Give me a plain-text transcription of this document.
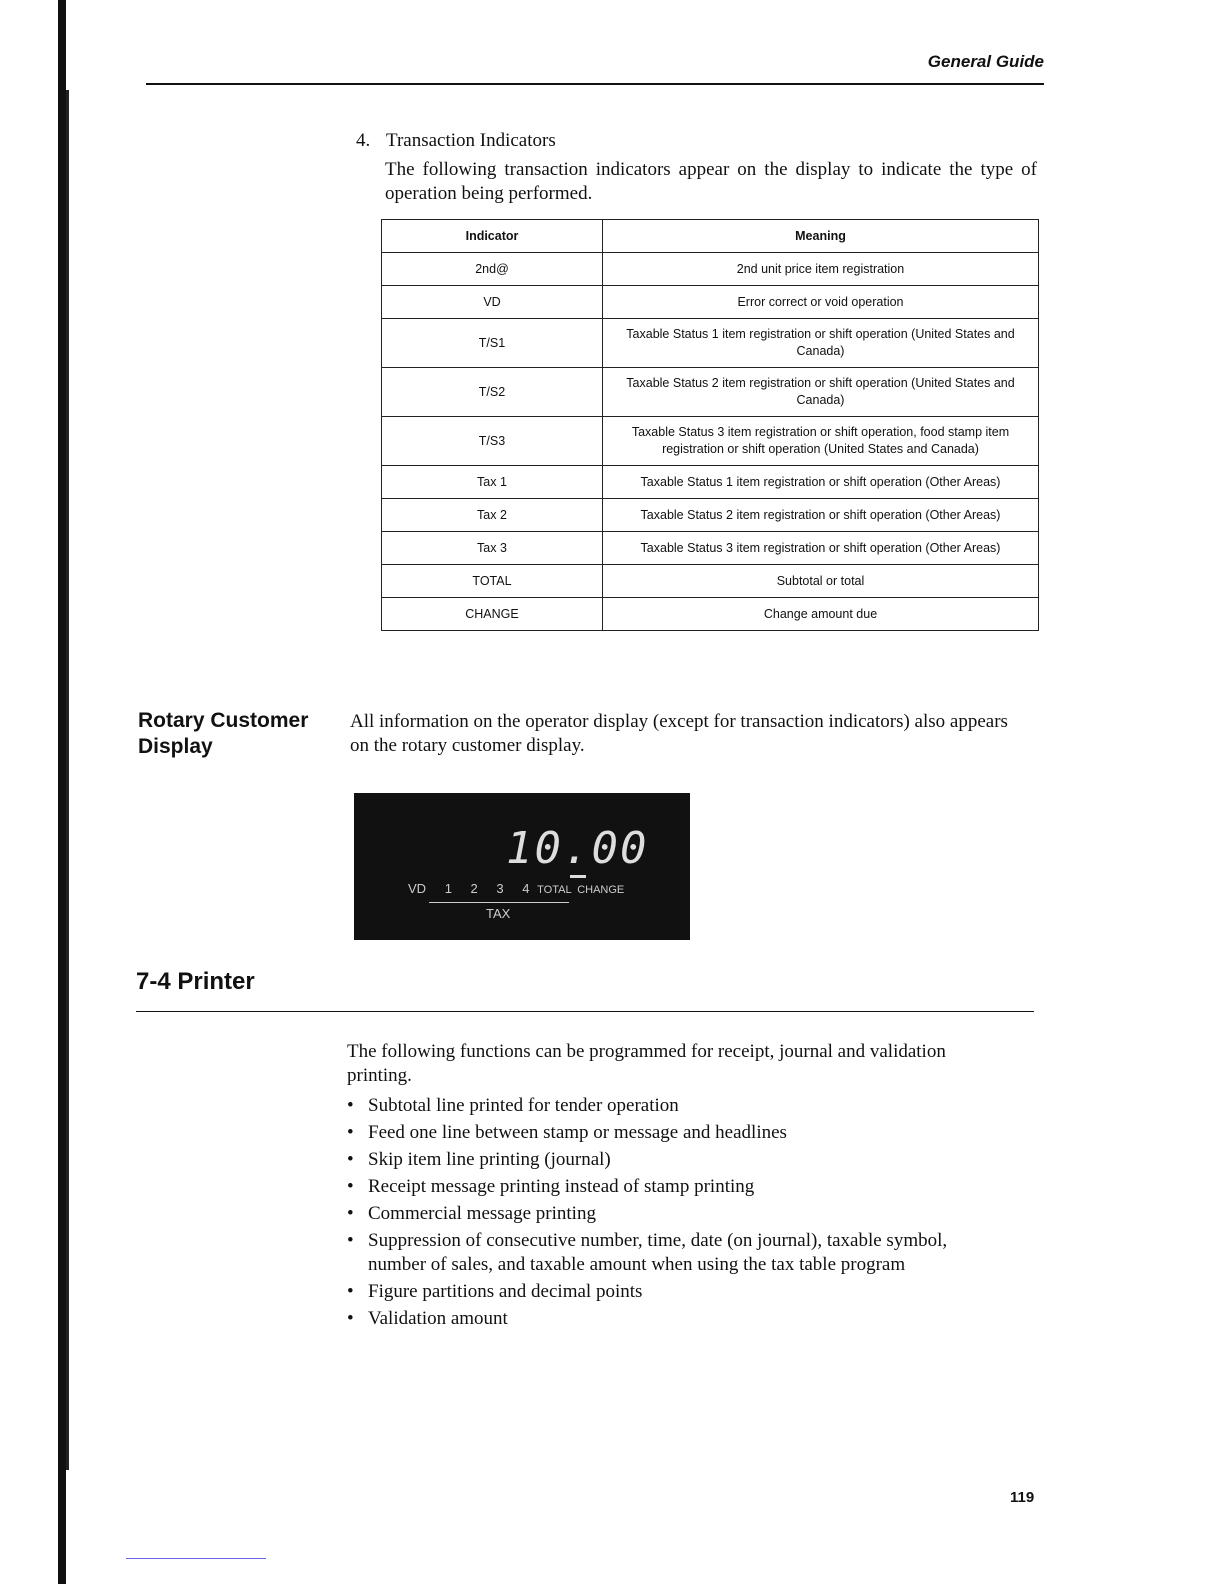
General Guide
4. Transaction Indicators
The following transaction indicators appear on the display to indicate the type of operation being performed.
Indicator	Meaning
2nd@	2nd unit price item registration
VD	Error correct or void operation
T/S1	Taxable Status 1 item registration or shift operation (United States and Canada)
T/S2	Taxable Status 2 item registration or shift operation (United States and Canada)
T/S3	Taxable Status 3 item registration or shift operation, food stamp item registration or shift operation (United States and Canada)
Tax 1	Taxable Status 1 item registration or shift operation (Other Areas)
Tax 2	Taxable Status 2 item registration or shift operation (Other Areas)
Tax 3	Taxable Status 3 item registration or shift operation (Other Areas)
TOTAL	Subtotal or total
CHANGE	Change amount due
Rotary Customer Display
All information on the operator display (except for transaction indicators) also appears on the rotary customer display.
10.00
VD 1 2 3 4 TOTAL CHANGE
TAX
7-4 Printer
The following functions can be programmed for receipt, journal and validation printing.
• Subtotal line printed for tender operation
• Feed one line between stamp or message and headlines
• Skip item line printing (journal)
• Receipt message printing instead of stamp printing
• Commercial message printing
• Suppression of consecutive number, time, date (on journal), taxable symbol, number of sales, and taxable amount when using the tax table program
• Figure partitions and decimal points
• Validation amount
119
